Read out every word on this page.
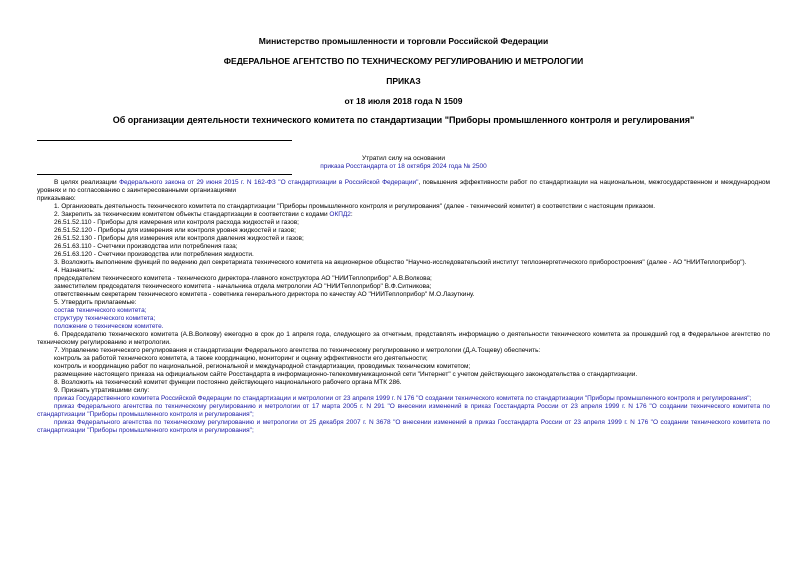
Министерство промышленности и торговли Российской Федерации
ФЕДЕРАЛЬНОЕ АГЕНТСТВО ПО ТЕХНИЧЕСКОМУ РЕГУЛИРОВАНИЮ И МЕТРОЛОГИИ
ПРИКАЗ
от 18 июля 2018 года N 1509
Об организации деятельности технического комитета по стандартизации "Приборы промышленного контроля и регулирования"
Утратил силу на основании
приказа Росстандарта от 18 октября 2024 года № 2500

В целях реализации Федерального закона от 29 июня 2015 г. N 162-ФЗ "О стандартизации в Российской Федерации", повышения эффективности работ по стандартизации на национальном, межгосударственном и международном уровнях и по согласованию с заинтересованными организациями

приказываю:

1. Организовать деятельность технического комитета по стандартизации "Приборы промышленного контроля и регулирования" (далее - технический комитет) в соответствии с настоящим приказом.

2. Закрепить за техническим комитетом объекты стандартизации в соответствии с кодами ОКПД2:

26.51.52.110 - Приборы для измерения или контроля расхода жидкостей и газов;

26.51.52.120 - Приборы для измерения или контроля уровня жидкостей и газов;

26.51.52.130 - Приборы для измерения или контроля давления жидкостей и газов;

26.51.63.110 - Счетчики производства или потребления газа;

26.51.63.120 - Счетчики производства или потребления жидкости.

3. Возложить выполнение функций по ведению дел секретариата технического комитета на акционерное общество "Научно-исследовательский институт теплоэнергетического приборостроения" (далее - АО "НИИТеплоприбор").

4. Назначить:

председателем технического комитета - технического директора-главного конструктора АО "НИИТеплоприбор" А.В.Волкова;

заместителем председателя технического комитета - начальника отдела метрологии АО "НИИТеплоприбор" В.Ф.Ситникова;

ответственным секретарем технического комитета - советника генерального директора по качеству АО "НИИТеплоприбор" М.О.Лазуткину.

5. Утвердить прилагаемые:

состав технического комитета;

структуру технического комитета;

положение о техническом комитете.

6. Председателю технического комитета (А.В.Волкову) ежегодно в срок до 1 апреля года, следующего за отчетным, представлять информацию о деятельности технического комитета за прошедший год в Федеральное агентство по техническому регулированию и метрологии.

7. Управлению технического регулирования и стандартизации Федерального агентства по техническому регулированию и метрологии (Д.А.Тощеву) обеспечить:

контроль за работой технического комитета, а также координацию, мониторинг и оценку эффективности его деятельности;

контроль и координацию работ по национальной, региональной и международной стандартизации, проводимых техническим комитетом;

размещение настоящего приказа на официальном сайте Росстандарта в информационно-телекоммуникационной сети "Интернет" с учетом действующего законодательства о стандартизации.

8. Возложить на технический комитет функции постоянно действующего национального рабочего органа МТК 286.

9. Признать утратившими силу:

приказ Государственного комитета Российской Федерации по стандартизации и метрологии от 23 апреля 1999 г. N 176 "О создании технического комитета по стандартизации "Приборы промышленного контроля и регулирования";

приказ Федерального агентства по техническому регулированию и метрологии от 17 марта 2005 г. N 291 "О внесении изменений в приказ Госстандарта России от 23 апреля 1999 г. N 176 "О создании технического комитета по стандартизации "Приборы промышленного контроля и регулирования";

приказ Федерального агентства по техническому регулированию и метрологии от 25 декабря 2007 г. N 3678 "О внесении изменений в приказ Госстандарта России от 23 апреля 1999 г. N 176 "О создании технического комитета по стандартизации "Приборы промышленного контроля и регулирования";
